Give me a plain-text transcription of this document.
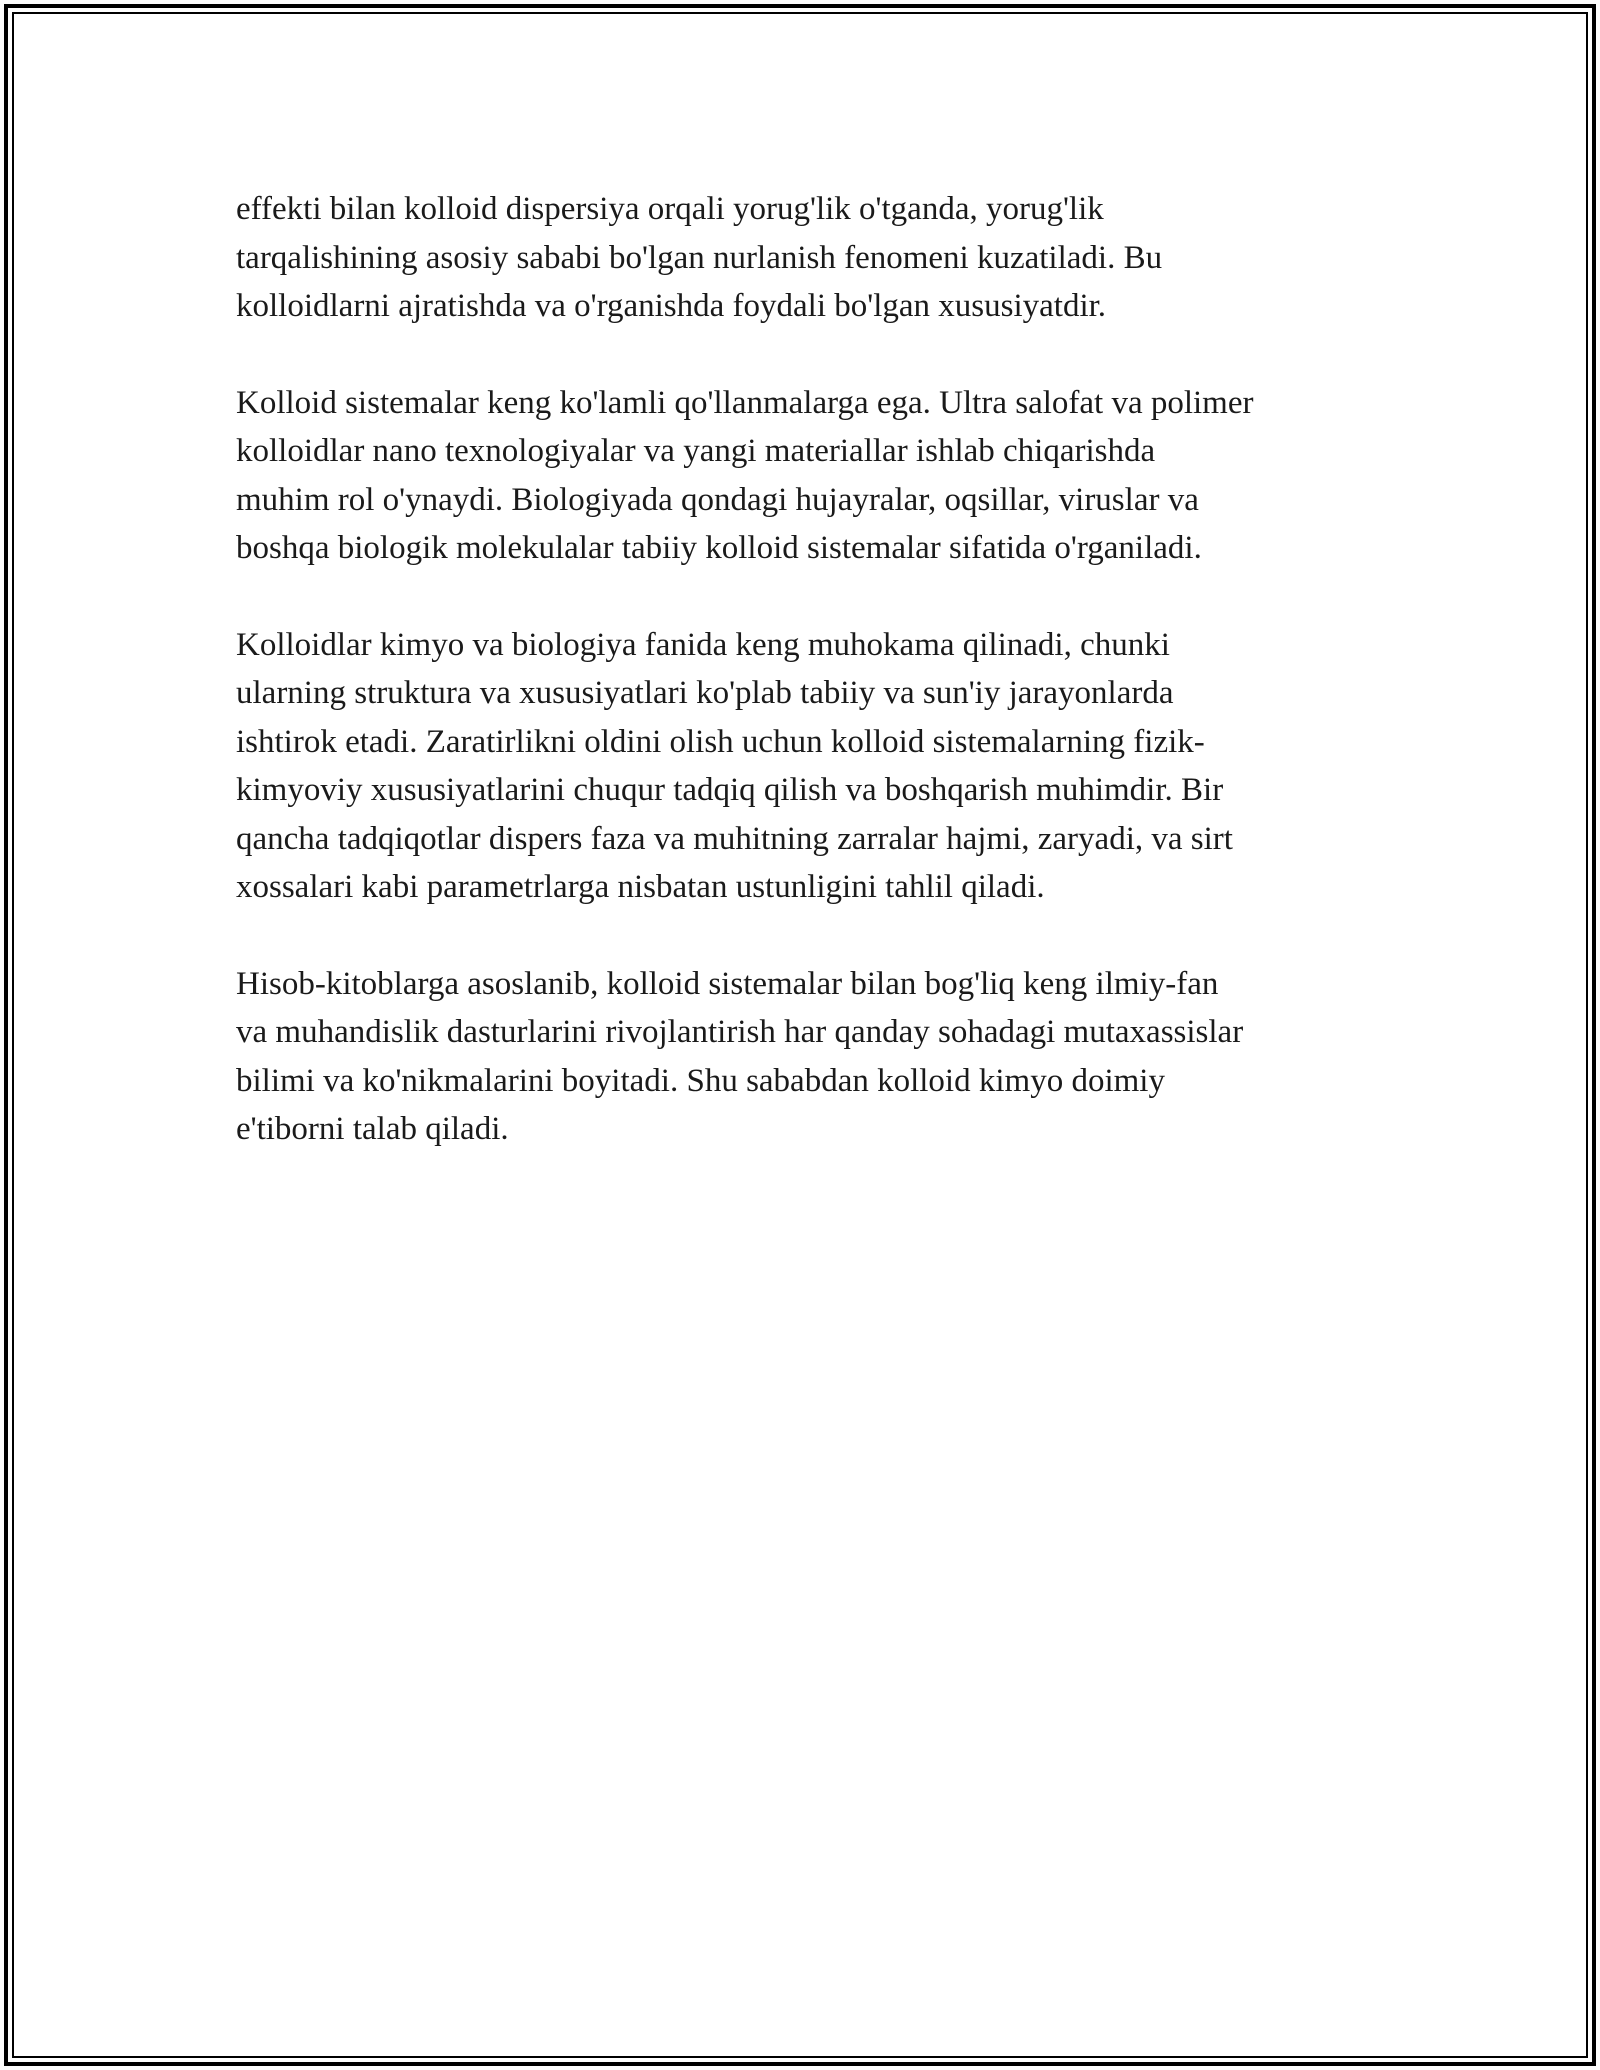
effekti bilan kolloid dispersiya orqali yorug'lik o'tganda, yorug'lik
tarqalishining asosiy sababi bo'lgan nurlanish fenomeni kuzatiladi. Bu
kolloidlarni ajratishda va o'rganishda foydali bo'lgan xususiyatdir.

Kolloid sistemalar keng ko'lamli qo'llanmalarga ega. Ultra salofat va polimer
kolloidlar nano texnologiyalar va yangi materiallar ishlab chiqarishda
muhim rol o'ynaydi. Biologiyada qondagi hujayralar, oqsillar, viruslar va
boshqa biologik molekulalar tabiiy kolloid sistemalar sifatida o'rganiladi.

Kolloidlar kimyo va biologiya fanida keng muhokama qilinadi, chunki
ularning struktura va xususiyatlari ko'plab tabiiy va sun'iy jarayonlarda
ishtirok etadi. Zaratirlikni oldini olish uchun kolloid sistemalarning fizik-
kimyoviy xususiyatlarini chuqur tadqiq qilish va boshqarish muhimdir. Bir
qancha tadqiqotlar dispers faza va muhitning zarralar hajmi, zaryadi, va sirt
xossalari kabi parametrlarga nisbatan ustunligini tahlil qiladi.

Hisob-kitoblarga asoslanib, kolloid sistemalar bilan bog'liq keng ilmiy-fan
va muhandislik dasturlarini rivojlantirish har qanday sohadagi mutaxassislar
bilimi va ko'nikmalarini boyitadi. Shu sababdan kolloid kimyo doimiy
e'tiborni talab qiladi.
